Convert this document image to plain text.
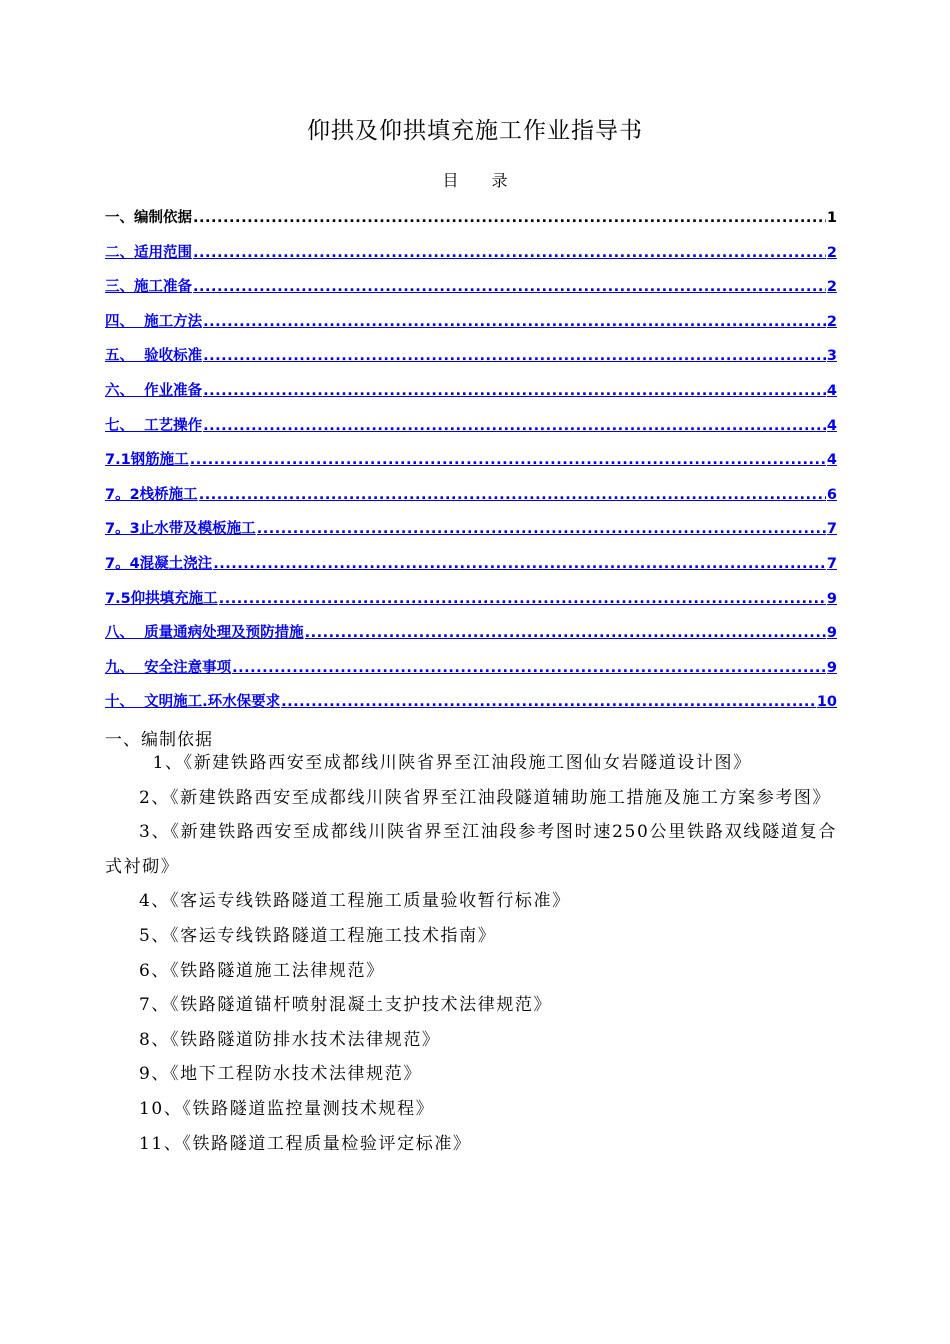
仰拱及仰拱填充施工作业指导书
目 录
一、编制依据 .....	1
二、适用范围 .....	2
三、施工准备 .....	2
四、  施工方法 .....	2
五、  验收标准 .....	3
六、  作业准备 .....	4
七、  工艺操作 .....	4
7.1钢筋施工 .....	4
7。2栈桥施工 .....	6
7。3止水带及模板施工 .....	7
7。4混凝土浇注 .....	7
7.5仰拱填充施工 .....	9
八、  质量通病处理及预防措施 .....	9
九、  安全注意事项 .....	9
十、  文明施工.环水保要求 .....	10
一、编制依据

1、《新建铁路西安至成都线川陕省界至江油段施工图仙女岩隧道设计图》

2、《新建铁路西安至成都线川陕省界至江油段隧道辅助施工措施及施工方案参考图》

3、《新建铁路西安至成都线川陕省界至江油段参考图时速250公里铁路双线隧道复合式衬砌》

4、《客运专线铁路隧道工程施工质量验收暂行标准》

5、《客运专线铁路隧道工程施工技术指南》

6、《铁路隧道施工法律规范》

7、《铁路隧道锚杆喷射混凝土支护技术法律规范》

8、《铁路隧道防排水技术法律规范》

9、《地下工程防水技术法律规范》

10、《铁路隧道监控量测技术规程》

11、《铁路隧道工程质量检验评定标准》
